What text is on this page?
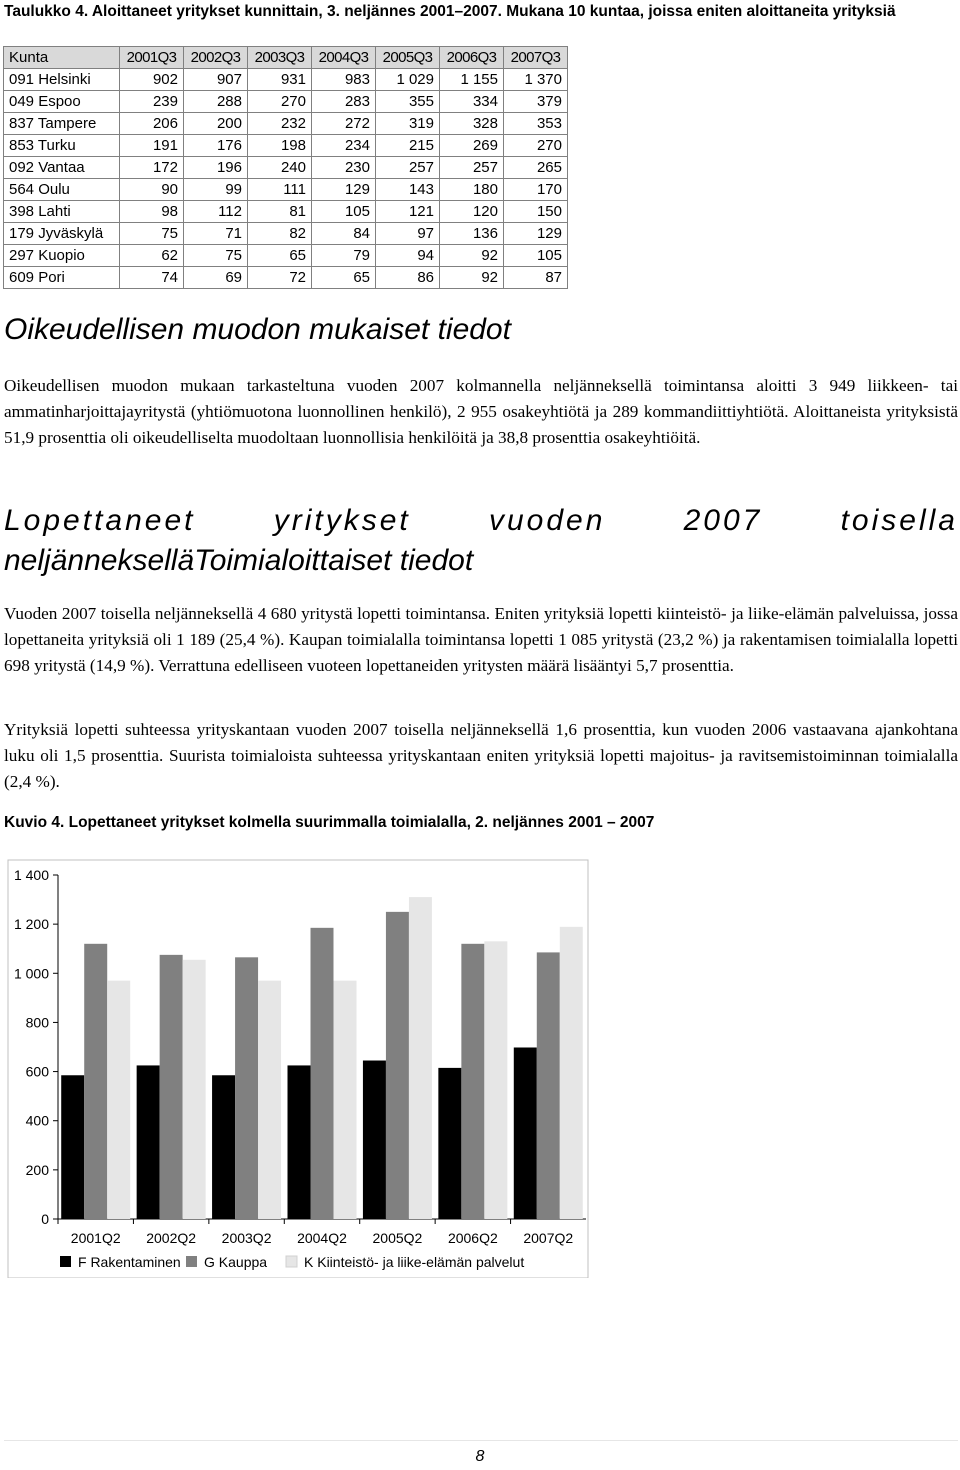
Taulukko 4. Aloittaneet yritykset kunnittain, 3. neljännes 2001–2007. Mukana 10 kuntaa, joissa eniten aloittaneita yrityksiä
Kunta	2001Q3	2002Q3	2003Q3	2004Q3	2005Q3	2006Q3	2007Q3
091 Helsinki	902	907	931	983	1 029	1 155	1 370
049 Espoo	239	288	270	283	355	334	379
837 Tampere	206	200	232	272	319	328	353
853 Turku	191	176	198	234	215	269	270
092 Vantaa	172	196	240	230	257	257	265
564 Oulu	90	99	111	129	143	180	170
398 Lahti	98	112	81	105	121	120	150
179 Jyväskylä	75	71	82	84	97	136	129
297 Kuopio	62	75	65	79	94	92	105
609 Pori	74	69	72	65	86	92	87
Oikeudellisen muodon mukaiset tiedot

Oikeudellisen muodon mukaan tarkasteltuna vuoden 2007 kolmannella neljänneksellä toimintansa aloitti 3 949 liikkeen- tai ammatinharjoittajayritystä (yhtiömuotona luonnollinen henkilö), 2 955 osakeyhtiötä ja 289 kommandiittiyhtiötä. Aloittaneista yrityksistä 51,9 prosenttia oli oikeudelliselta muodoltaan luonnollisia henkilöitä ja 38,8 prosenttia osakeyhtiöitä.

Lopettaneet yritykset vuoden 2007 toisella
neljännekselläToimialoittaiset tiedot

Vuoden 2007 toisella neljänneksellä 4 680 yritystä lopetti toimintansa. Eniten yrityksiä lopetti kiinteistö- ja liike-elämän palveluissa, jossa lopettaneita yrityksiä oli 1 189 (25,4 %). Kaupan toimialalla toimintansa lopetti 1 085 yritystä (23,2 %) ja rakentamisen toimialalla lopetti 698 yritystä (14,9 %). Verrattuna edelliseen vuoteen lopettaneiden yritysten määrä lisääntyi 5,7 prosenttia.

Yrityksiä lopetti suhteessa yrityskantaan vuoden 2007 toisella neljänneksellä 1,6 prosenttia, kun vuoden 2006 vastaavana ajankohtana luku oli 1,5 prosenttia. Suurista toimialoista suhteessa yrityskantaan eniten yrityksiä lopetti majoitus- ja ravitsemistoiminnan toimialalla (2,4 %).

Kuvio 4. Lopettaneet yritykset kolmella suurimmalla toimialalla, 2. neljännes 2001 – 2007
0
200
400
600
800
1 000
1 200
1 400
2001Q2 2002Q2 2003Q2 2004Q2 2005Q2 2006Q2 2007Q2
F Rakentaminen G Kauppa	K Kiinteistö- ja liike-elämän palvelut
8
